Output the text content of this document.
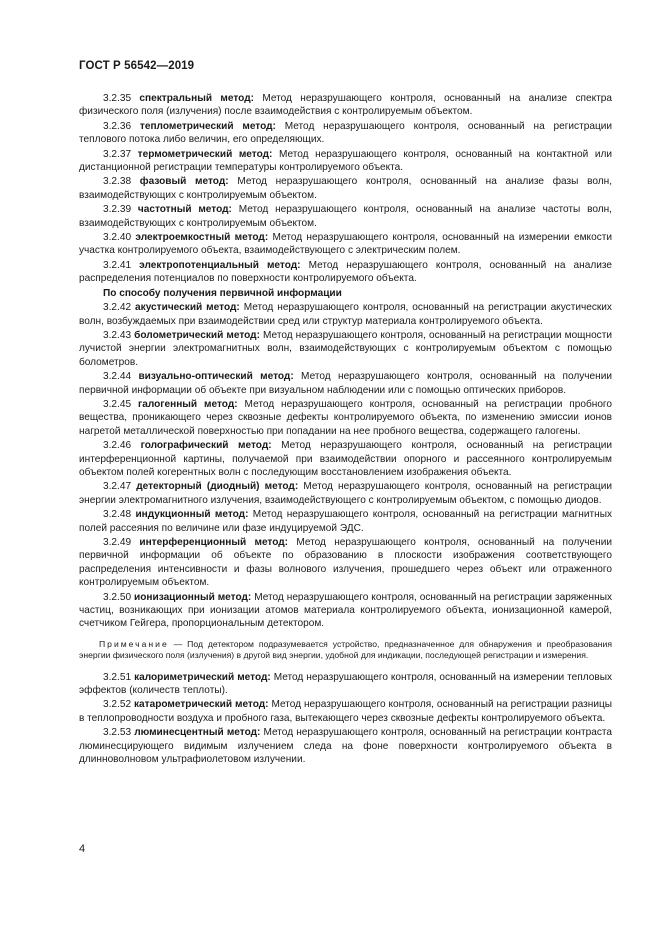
ГОСТ Р 56542—2019

3.2.35 спектральный метод: Метод неразрушающего контроля, основанный на анализе спектра физического поля (излучения) после взаимодействия с контролируемым объектом.

3.2.36 теплометрический метод: Метод неразрушающего контроля, основанный на регистрации теплового потока либо величин, его определяющих.

3.2.37 термометрический метод: Метод неразрушающего контроля, основанный на контактной или дистанционной регистрации температуры контролируемого объекта.

3.2.38 фазовый метод: Метод неразрушающего контроля, основанный на анализе фазы волн, взаимодействующих с контролируемым объектом.

3.2.39 частотный метод: Метод неразрушающего контроля, основанный на анализе частоты волн, взаимодействующих с контролируемым объектом.

3.2.40 электроемкостный метод: Метод неразрушающего контроля, основанный на измерении емкости участка контролируемого объекта, взаимодействующего с электрическим полем.

3.2.41 электропотенциальный метод: Метод неразрушающего контроля, основанный на анализе распределения потенциалов по поверхности контролируемого объекта.

По способу получения первичной информации

3.2.42 акустический метод: Метод неразрушающего контроля, основанный на регистрации акустических волн, возбуждаемых при взаимодействии сред или структур материала контролируемого объекта.

3.2.43 болометрический метод: Метод неразрушающего контроля, основанный на регистрации мощности лучистой энергии электромагнитных волн, взаимодействующих с контролируемым объектом с помощью болометров.

3.2.44 визуально-оптический метод: Метод неразрушающего контроля, основанный на получении первичной информации об объекте при визуальном наблюдении или с помощью оптических приборов.

3.2.45 галогенный метод: Метод неразрушающего контроля, основанный на регистрации пробного вещества, проникающего через сквозные дефекты контролируемого объекта, по изменению эмиссии ионов нагретой металлической поверхностью при попадании на нее пробного вещества, содержащего галогены.

3.2.46 голографический метод: Метод неразрушающего контроля, основанный на регистрации интерференционной картины, получаемой при взаимодействии опорного и рассеянного контролируемым объектом полей когерентных волн с последующим восстановлением изображения объекта.

3.2.47 детекторный (диодный) метод: Метод неразрушающего контроля, основанный на регистрации энергии электромагнитного излучения, взаимодействующего с контролируемым объектом, с помощью диодов.

3.2.48 индукционный метод: Метод неразрушающего контроля, основанный на регистрации магнитных полей рассеяния по величине или фазе индуцируемой ЭДС.

3.2.49 интерференционный метод: Метод неразрушающего контроля, основанный на получении первичной информации об объекте по образованию в плоскости изображения соответствующего распределения интенсивности и фазы волнового излучения, прошедшего через объект или отраженного контролируемым объектом.

3.2.50 ионизационный метод: Метод неразрушающего контроля, основанный на регистрации заряженных частиц, возникающих при ионизации атомов материала контролируемого объекта, ионизационной камерой, счетчиком Гейгера, пропорциональным детектором.

Примечание — Под детектором подразумевается устройство, предназначенное для обнаружения и преобразования энергии физического поля (излучения) в другой вид энергии, удобной для индикации, последующей регистрации и измерения.

3.2.51 калориметрический метод: Метод неразрушающего контроля, основанный на измерении тепловых эффектов (количеств теплоты).

3.2.52 катарометрический метод: Метод неразрушающего контроля, основанный на регистрации разницы в теплопроводности воздуха и пробного газа, вытекающего через сквозные дефекты контролируемого объекта.

3.2.53 люминесцентный метод: Метод неразрушающего контроля, основанный на регистрации контраста люминесцирующего видимым излучением следа на фоне поверхности контролируемого объекта в длинноволновом ультрафиолетовом излучении.

4
